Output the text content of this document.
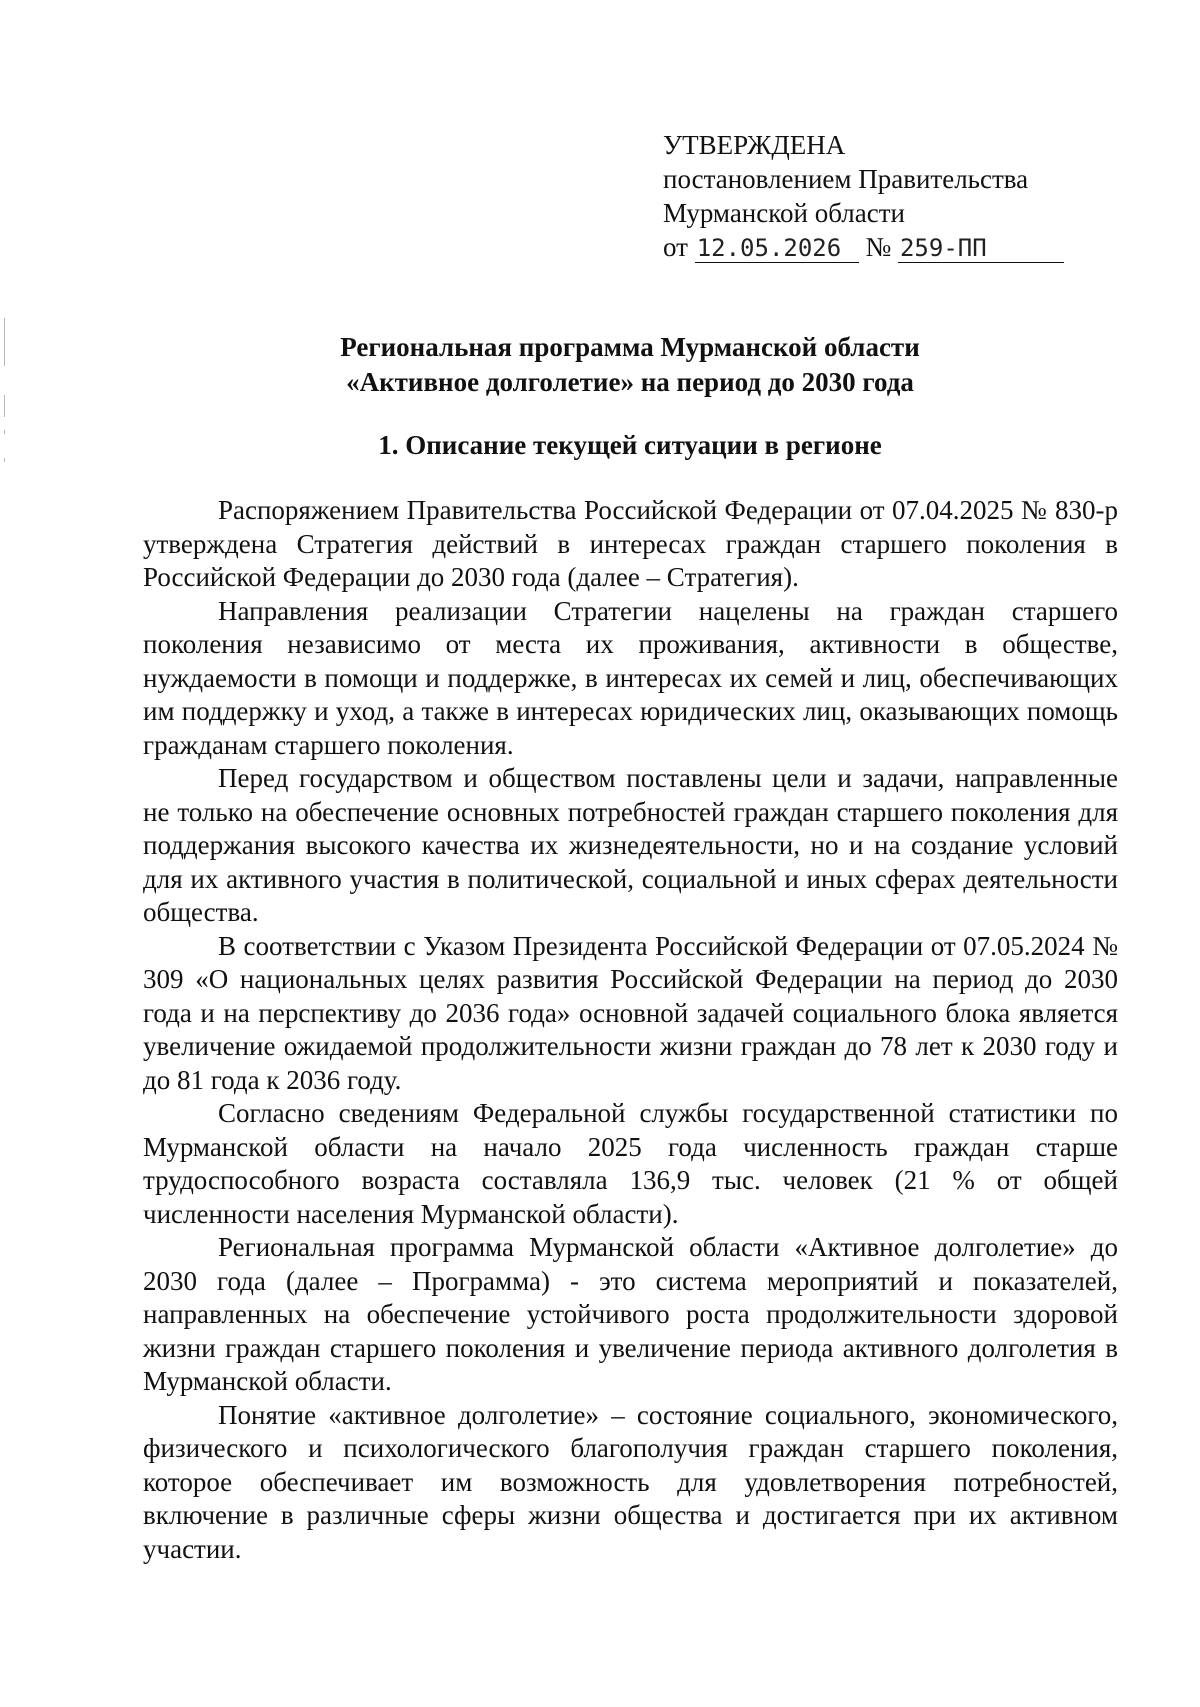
УТВЕРЖДЕНА
постановлением Правительства
Мурманской области
от 12.05.2026 № 259-ПП
Региональная программа Мурманской области
«Активное долголетие» на период до 2030 года
1. Описание текущей ситуации в регионе

Распоряжением Правительства Российской Федерации от 07.04.2025 № 830-р утверждена Стратегия действий в интересах граждан старшего поколения в Российской Федерации до 2030 года (далее – Стратегия).

Направления реализации Стратегии нацелены на граждан старшего поколения независимо от места их проживания, активности в обществе, нуждаемости в помощи и поддержке, в интересах их семей и лиц, обеспечивающих им поддержку и уход, а также в интересах юридических лиц, оказывающих помощь гражданам старшего поколения.

Перед государством и обществом поставлены цели и задачи, направленные не только на обеспечение основных потребностей граждан старшего поколения для поддержания высокого качества их жизнедеятельности, но и на создание условий для их активного участия в политической, социальной и иных сферах деятельности общества.

В соответствии с Указом Президента Российской Федерации от 07.05.2024 № 309 «О национальных целях развития Российской Федерации на период до 2030 года и на перспективу до 2036 года» основной задачей социального блока является увеличение ожидаемой продолжительности жизни граждан до 78 лет к 2030 году и до 81 года к 2036 году.

Согласно сведениям Федеральной службы государственной статистики по Мурманской области на начало 2025 года численность граждан старше трудоспособного возраста составляла 136,9 тыс. человек (21 % от общей численности населения Мурманской области).

Региональная программа Мурманской области «Активное долголетие» до 2030 года (далее – Программа) - это система мероприятий и показателей, направленных на обеспечение устойчивого роста продолжительности здоровой жизни граждан старшего поколения и увеличение периода активного долголетия в Мурманской области.

Понятие «активное долголетие» – состояние социального, экономического, физического и психологического благополучия граждан старшего поколения, которое обеспечивает им возможность для удовлетворения потребностей, включение в различные сферы жизни общества и достигается при их активном участии.
